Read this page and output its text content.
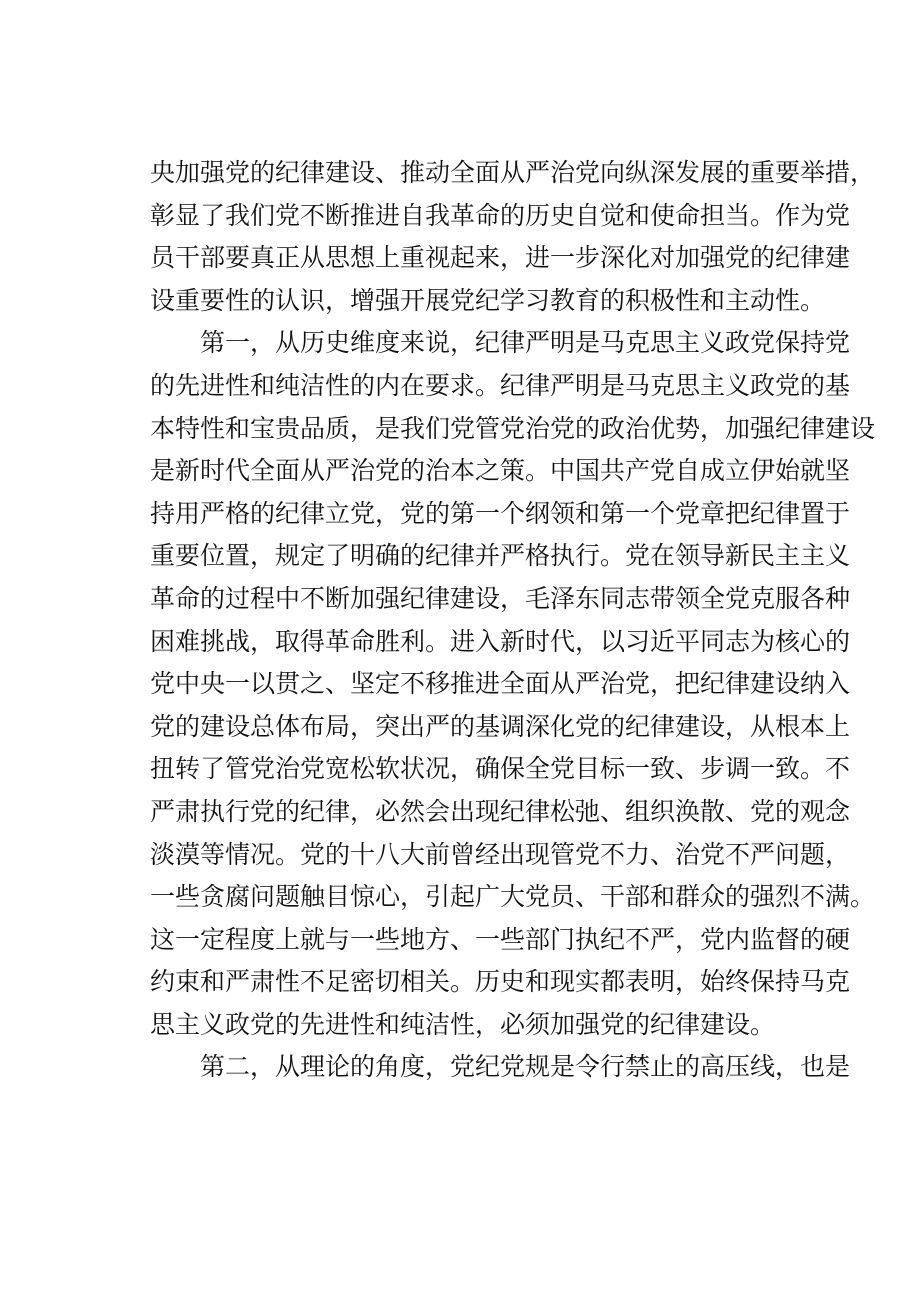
央加强党的纪律建设、推动全面从严治党向纵深发展的重要举措，
彰显了我们党不断推进自我革命的历史自觉和使命担当。作为党
员干部要真正从思想上重视起来，进一步深化对加强党的纪律建
设重要性的认识，增强开展党纪学习教育的积极性和主动性。

第一，从历史维度来说，纪律严明是马克思主义政党保持党
的先进性和纯洁性的内在要求。纪律严明是马克思主义政党的基
本特性和宝贵品质，是我们党管党治党的政治优势，加强纪律建设
是新时代全面从严治党的治本之策。中国共产党自成立伊始就坚
持用严格的纪律立党，党的第一个纲领和第一个党章把纪律置于
重要位置，规定了明确的纪律并严格执行。党在领导新民主主义
革命的过程中不断加强纪律建设，毛泽东同志带领全党克服各种
困难挑战，取得革命胜利。进入新时代，以习近平同志为核心的
党中央一以贯之、坚定不移推进全面从严治党，把纪律建设纳入
党的建设总体布局，突出严的基调深化党的纪律建设，从根本上
扭转了管党治党宽松软状况，确保全党目标一致、步调一致。不
严肃执行党的纪律，必然会出现纪律松弛、组织涣散、党的观念
淡漠等情况。党的十八大前曾经出现管党不力、治党不严问题，
一些贪腐问题触目惊心，引起广大党员、干部和群众的强烈不满。
这一定程度上就与一些地方、一些部门执纪不严，党内监督的硬
约束和严肃性不足密切相关。历史和现实都表明，始终保持马克
思主义政党的先进性和纯洁性，必须加强党的纪律建设。

第二，从理论的角度，党纪党规是令行禁止的高压线，也是
